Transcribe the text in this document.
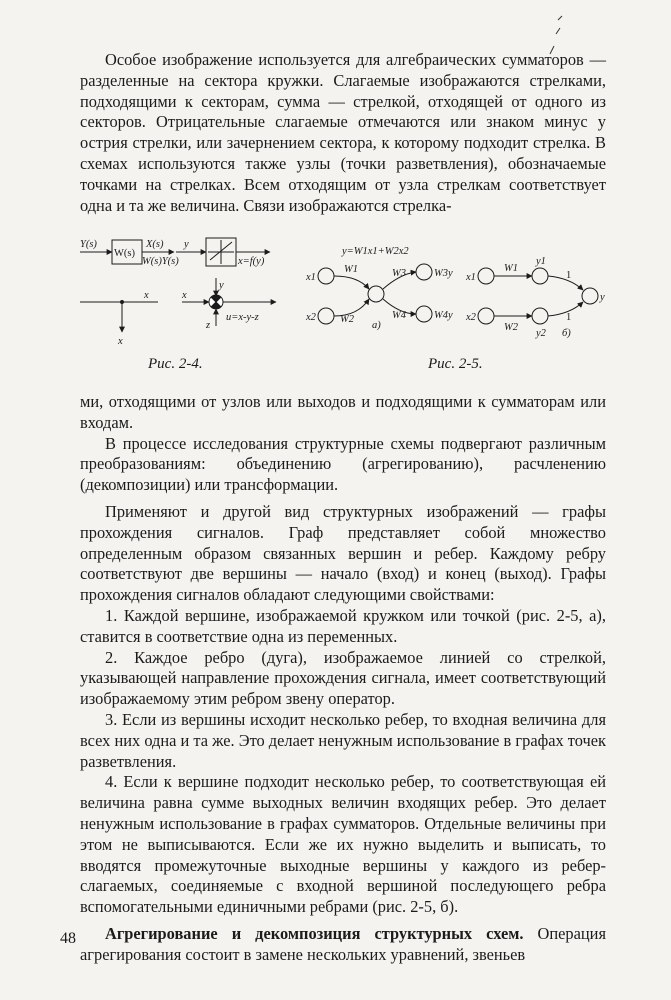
Особое изображение используется для алгебраических сумматоров — разделенные на сектора кружки. Слагаемые изображаются стрелками, подходящими к секторам, сумма — стрелкой, отходящей от одного из секторов. Отрицательные слагаемые отмечаются или знаком минус у острия стрелки, или зачернением сектора, к которому подходит стрелка. В схемах используются также узлы (точки разветвления), обозначаемые точками на стрелках. Всем отходящим от узла стрелкам соответствует одна и та же величина. Связи изображаются стрелка-

Y(s)
W(s)
X(s)
W(s)Y(s)
y
x=f(y)
y
x
x
x
z
u=x-y-z
y=W1x1+W2x2
x1
x2
W1
W2
W3
W4
W3y
W4y
а)
x1
x2
W1
W2
y1
y2
1
1
y
б)
Рис. 2-4.	Рис. 2-5.

ми, отходящими от узлов или выходов и подходящими к сумматорам или входам.

В процессе исследования структурные схемы подвергают различным преобразованиям: объединению (агрегированию), расчленению (декомпозиции) или трансформации.

Применяют и другой вид структурных изображений — графы прохождения сигналов. Граф представляет собой множество определенным образом связанных вершин и ребер. Каждому ребру соответствуют две вершины — начало (вход) и конец (выход). Графы прохождения сигналов обладают следующими свойствами:

1. Каждой вершине, изображаемой кружком или точкой (рис. 2-5, а), ставится в соответствие одна из переменных.

2. Каждое ребро (дуга), изображаемое линией со стрелкой, указывающей направление прохождения сигнала, имеет соответствующий изображаемому этим ребром звену оператор.

3. Если из вершины исходит несколько ребер, то входная величина для всех них одна и та же. Это делает ненужным использование в графах точек разветвления.

4. Если к вершине подходит несколько ребер, то соответствующая ей величина равна сумме выходных величин входящих ребер. Это делает ненужным использование в графах сумматоров. Отдельные величины при этом не выписываются. Если же их нужно выделить и выписать, то вводятся промежуточные выходные вершины у каждого из ребер-слагаемых, соединяемые с входной вершиной последующего ребра вспомогательными единичными ребрами (рис. 2-5, б).

Агрегирование и декомпозиция структурных схем. Операция агрегирования состоит в замене нескольких уравнений, звеньев

48
